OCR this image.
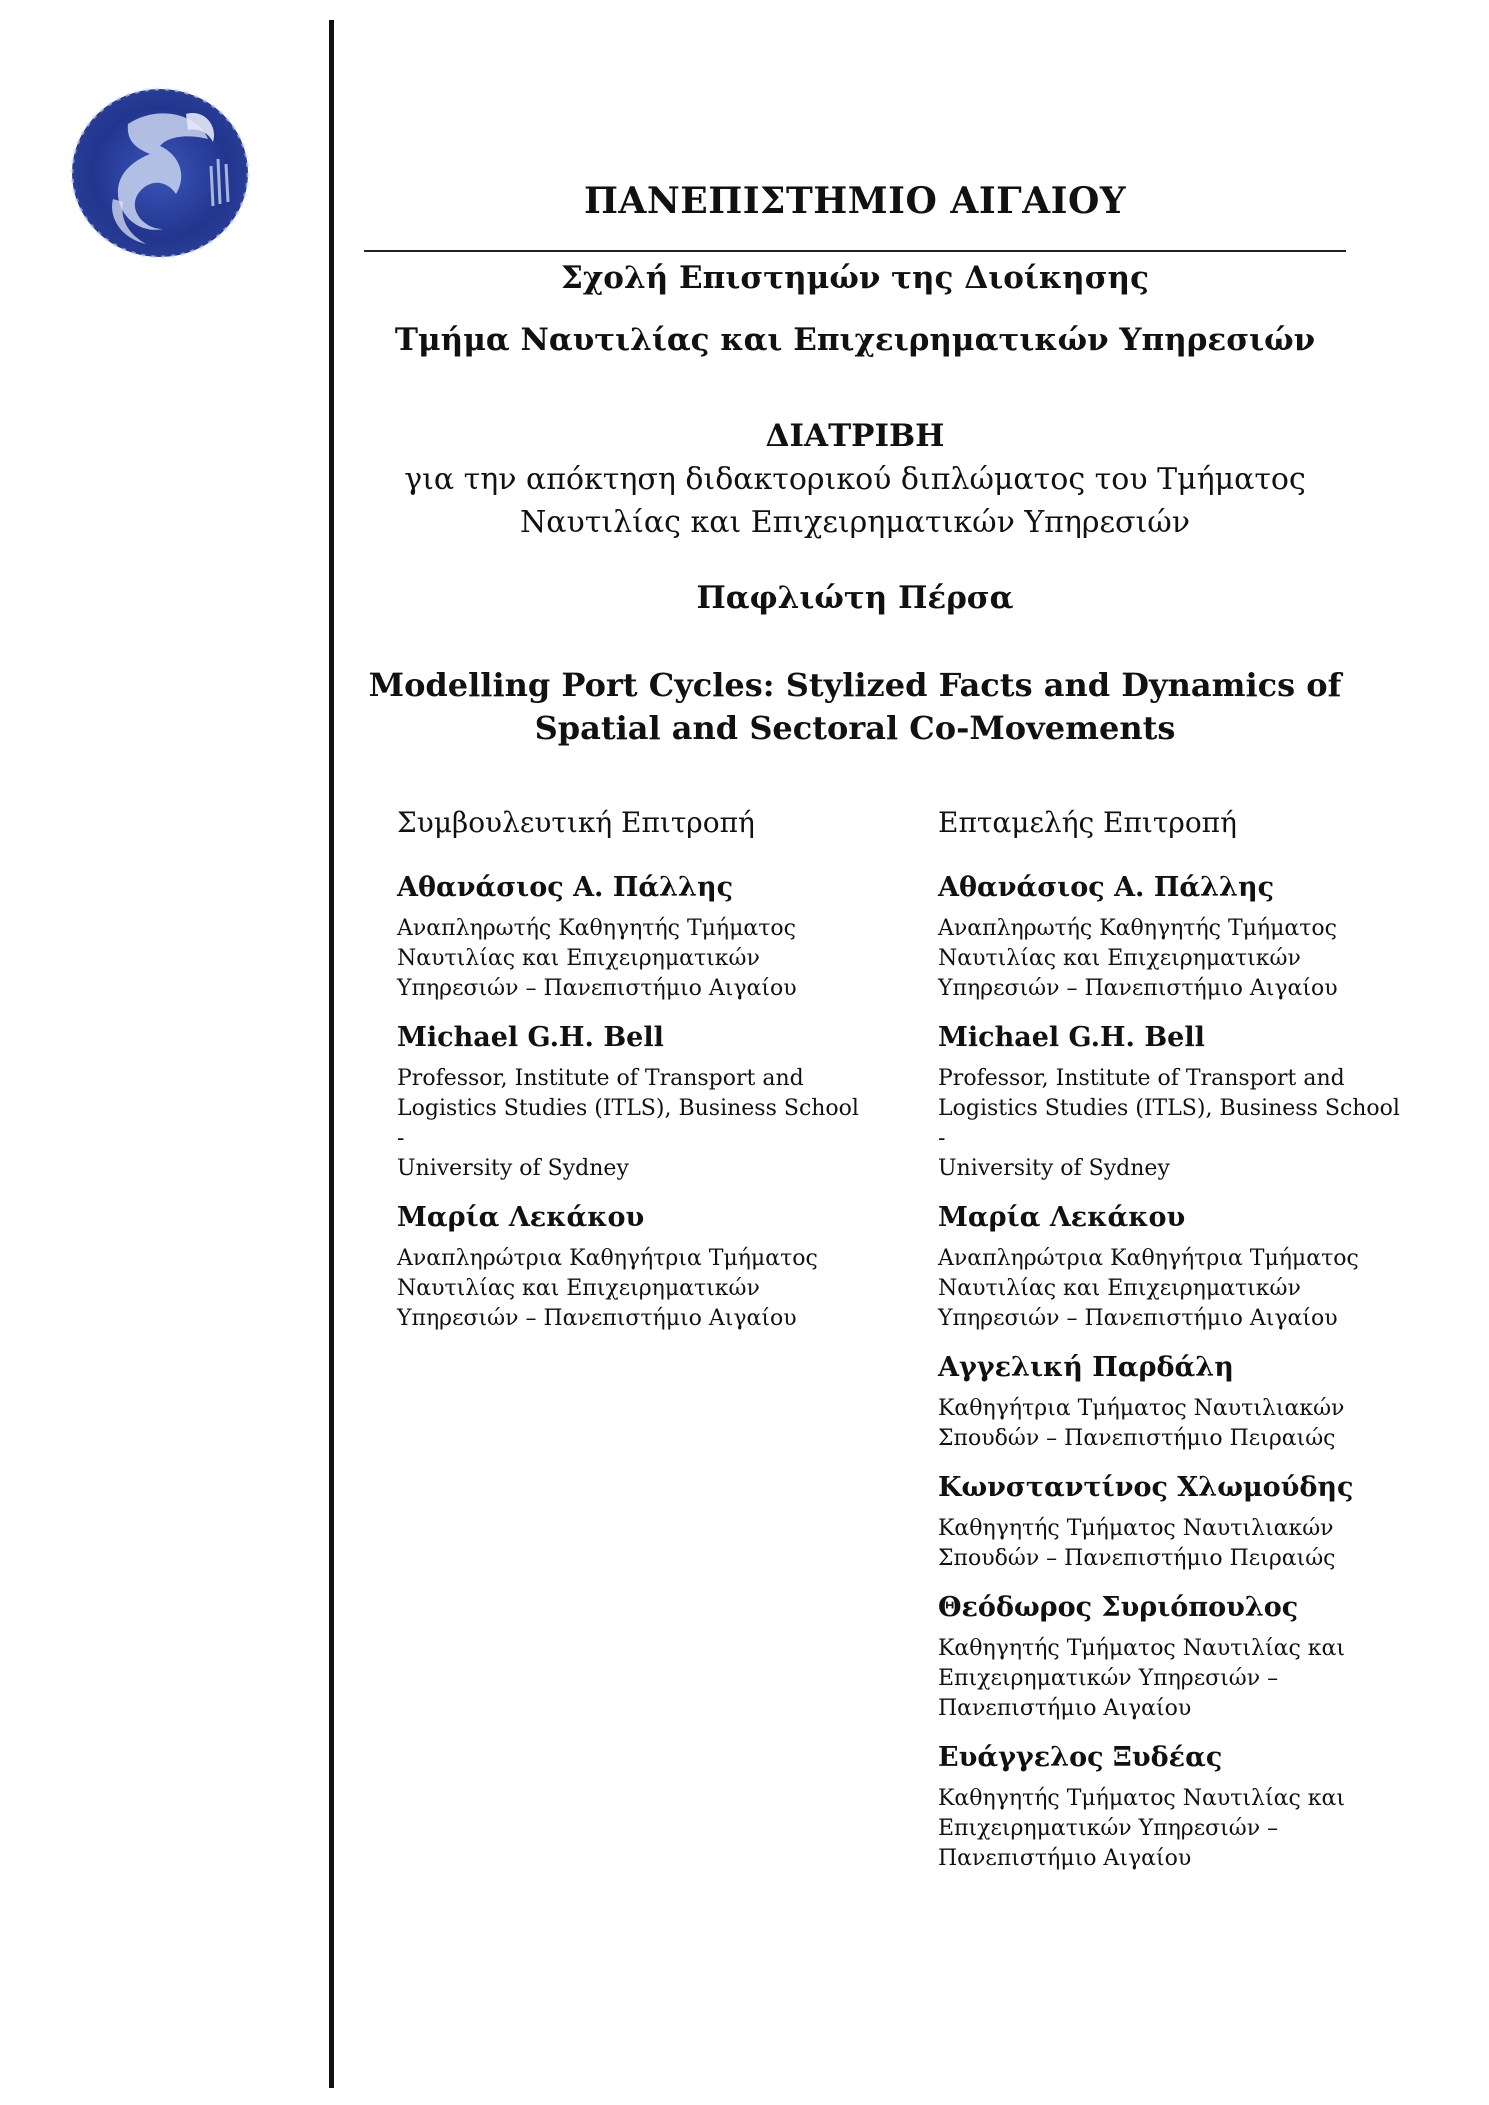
ΠΑΝΕΠΙΣΤΗΜΙΟ ΑΙΓΑΙΟΥ
Σχολή Επιστημών της Διοίκησης
Τμήμα Ναυτιλίας και Επιχειρηματικών Υπηρεσιών
ΔΙΑΤΡΙΒΗ
για την απόκτηση διδακτορικού διπλώματος του Τμήματος
Ναυτιλίας και Επιχειρηματικών Υπηρεσιών
Παφλιώτη Πέρσα
Modelling Port Cycles: Stylized Facts and Dynamics of
Spatial and Sectoral Co-Movements
Συμβουλευτική Επιτροπή
Αθανάσιος Α. Πάλλης
Αναπληρωτής Καθηγητής Τμήματος
Ναυτιλίας και Επιχειρηματικών
Υπηρεσιών – Πανεπιστήμιο Αιγαίου
Michael G.H. Bell
Professor, Institute of Transport and
Logistics Studies (ITLS), Business School -
University of Sydney
Μαρία Λεκάκου
Αναπληρώτρια Καθηγήτρια Τμήματος
Ναυτιλίας και Επιχειρηματικών
Υπηρεσιών – Πανεπιστήμιο Αιγαίου
Επταμελής Επιτροπή
Αθανάσιος Α. Πάλλης
Αναπληρωτής Καθηγητής Τμήματος
Ναυτιλίας και Επιχειρηματικών
Υπηρεσιών – Πανεπιστήμιο Αιγαίου
Michael G.H. Bell
Professor, Institute of Transport and
Logistics Studies (ITLS), Business School -
University of Sydney
Μαρία Λεκάκου
Αναπληρώτρια Καθηγήτρια Τμήματος
Ναυτιλίας και Επιχειρηματικών
Υπηρεσιών – Πανεπιστήμιο Αιγαίου
Αγγελική Παρδάλη
Καθηγήτρια Τμήματος Ναυτιλιακών
Σπουδών – Πανεπιστήμιο Πειραιώς
Κωνσταντίνος Χλωμούδης
Καθηγητής Τμήματος Ναυτιλιακών
Σπουδών – Πανεπιστήμιο Πειραιώς
Θεόδωρος Συριόπουλος
Καθηγητής Τμήματος Ναυτιλίας και
Επιχειρηματικών Υπηρεσιών –
Πανεπιστήμιο Αιγαίου
Ευάγγελος Ξυδέας
Καθηγητής Τμήματος Ναυτιλίας και
Επιχειρηματικών Υπηρεσιών –
Πανεπιστήμιο Αιγαίου
